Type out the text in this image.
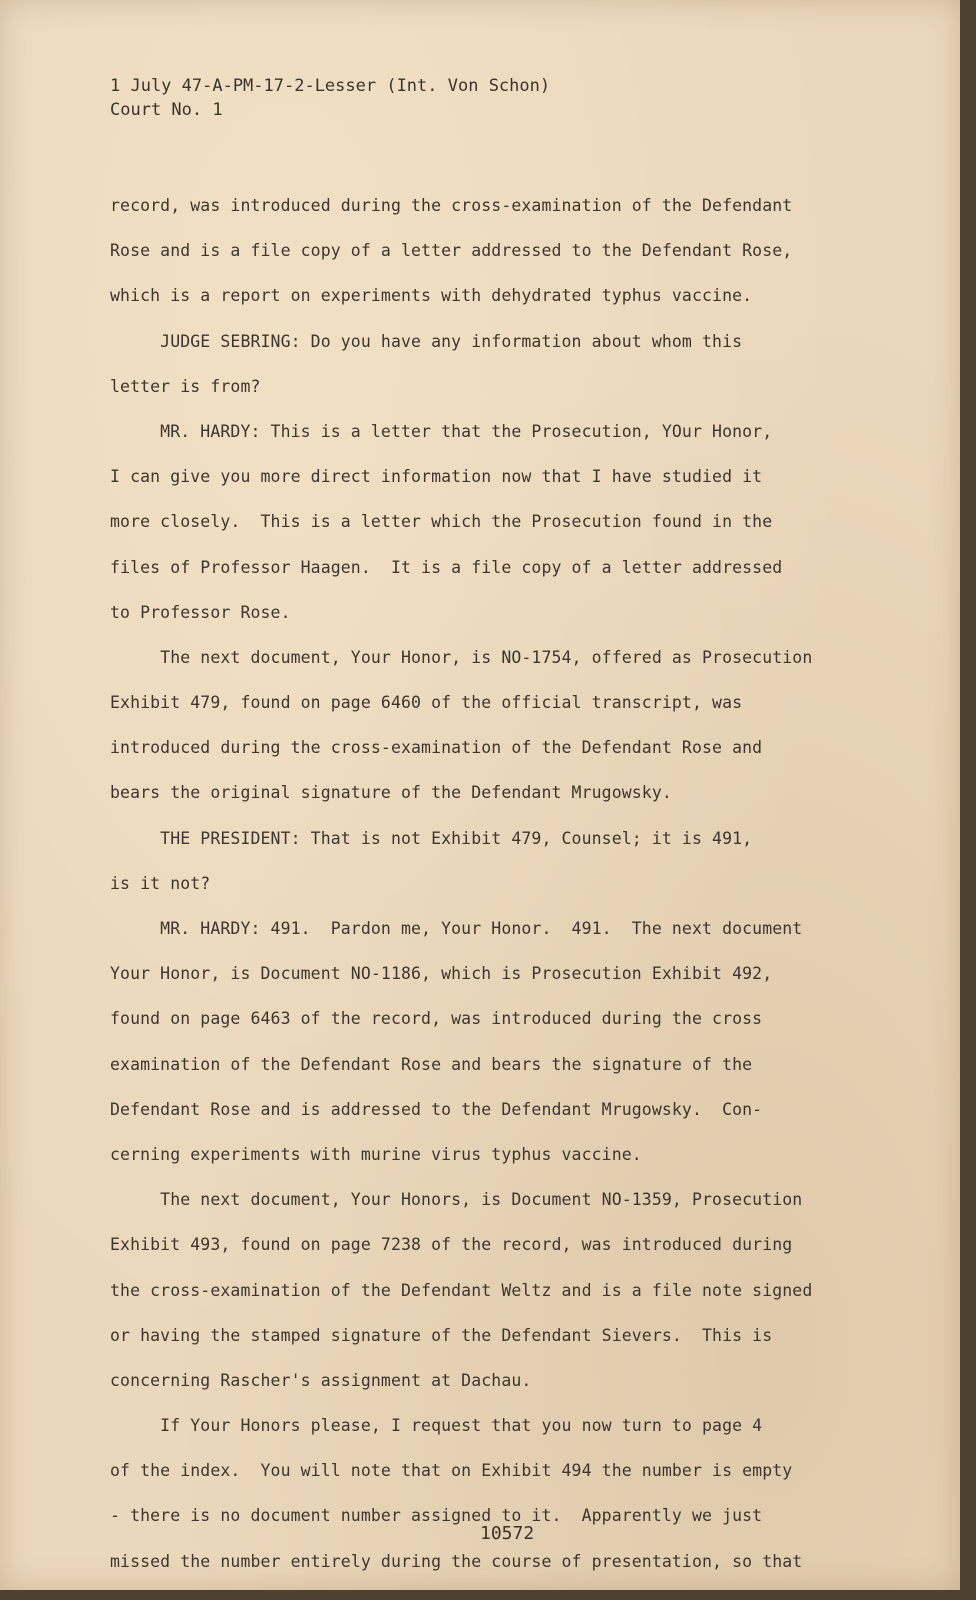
1 July 47-A-PM-17-2-Lesser (Int. Von Schon)
Court No. 1
record, was introduced during the cross-examination of the Defendant
Rose and is a file copy of a letter addressed to the Defendant Rose,
which is a report on experiments with dehydrated typhus vaccine.
JUDGE SEBRING: Do you have any information about whom this
letter is from?
MR. HARDY: This is a letter that the Prosecution, YOur Honor,
I can give you more direct information now that I have studied it
more closely.  This is a letter which the Prosecution found in the
files of Professor Haagen.  It is a file copy of a letter addressed
to Professor Rose.
The next document, Your Honor, is NO-1754, offered as Prosecution
Exhibit 479, found on page 6460 of the official transcript, was
introduced during the cross-examination of the Defendant Rose and
bears the original signature of the Defendant Mrugowsky.
THE PRESIDENT: That is not Exhibit 479, Counsel; it is 491,
is it not?
MR. HARDY: 491.  Pardon me, Your Honor.  491.  The next document
Your Honor, is Document NO-1186, which is Prosecution Exhibit 492,
found on page 6463 of the record, was introduced during the cross
examination of the Defendant Rose and bears the signature of the
Defendant Rose and is addressed to the Defendant Mrugowsky.  Con-
cerning experiments with murine virus typhus vaccine.
The next document, Your Honors, is Document NO-1359, Prosecution
Exhibit 493, found on page 7238 of the record, was introduced during
the cross-examination of the Defendant Weltz and is a file note signed
or having the stamped signature of the Defendant Sievers.  This is
concerning Rascher's assignment at Dachau.
If Your Honors please, I request that you now turn to page 4
of the index.  You will note that on Exhibit 494 the number is empty
- there is no document number assigned to it.  Apparently we just
missed the number entirely during the course of presentation, so that
10572
